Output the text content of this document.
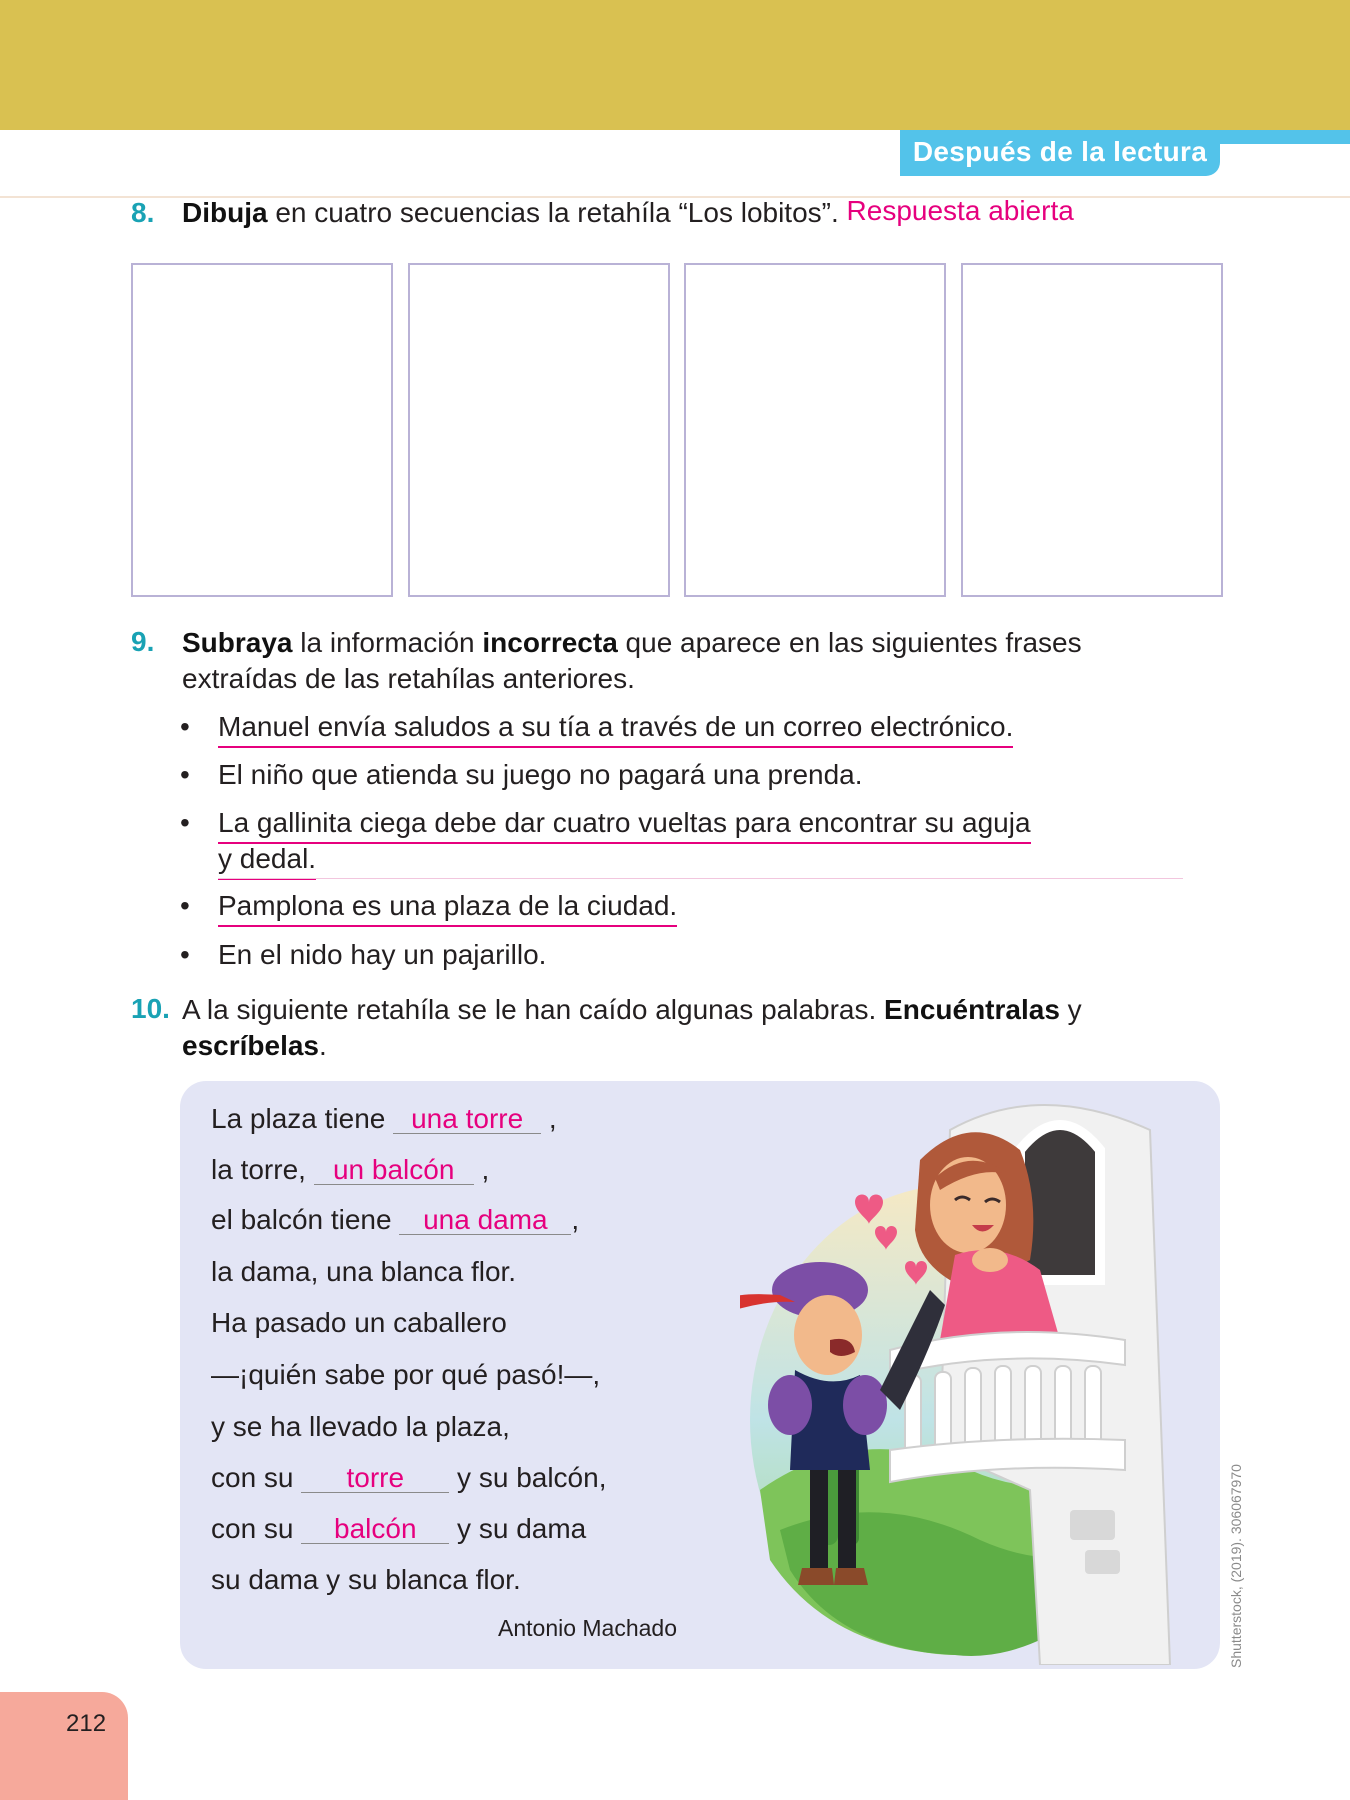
Después de la lectura
8. Dibuja en cuatro secuencias la retahíla “Los lobitos”. Respuesta abierta
9. Subraya la información incorrecta que aparece en las siguientes frases
extraídas de las retahílas anteriores.
• Manuel envía saludos a su tía a través de un correo electrónico.
• El niño que atienda su juego no pagará una prenda.
• La gallinita ciega debe dar cuatro vueltas para encontrar su aguja
y dedal.
• Pamplona es una plaza de la ciudad.
• En el nido hay un pajarillo.
10. A la siguiente retahíla se le han caído algunas palabras. Encuéntralas y
escríbelas.
La plaza tiene una torre ,
la torre, un balcón ,
el balcón tiene una dama ,
la dama, una blanca flor.
Ha pasado un caballero
—¡quién sabe por qué pasó!—,
y se ha llevado la plaza,
con su torre y su balcón,
con su balcón y su dama
su dama y su blanca flor.
Antonio Machado	Shutterstock, (2019). 306067970
212
